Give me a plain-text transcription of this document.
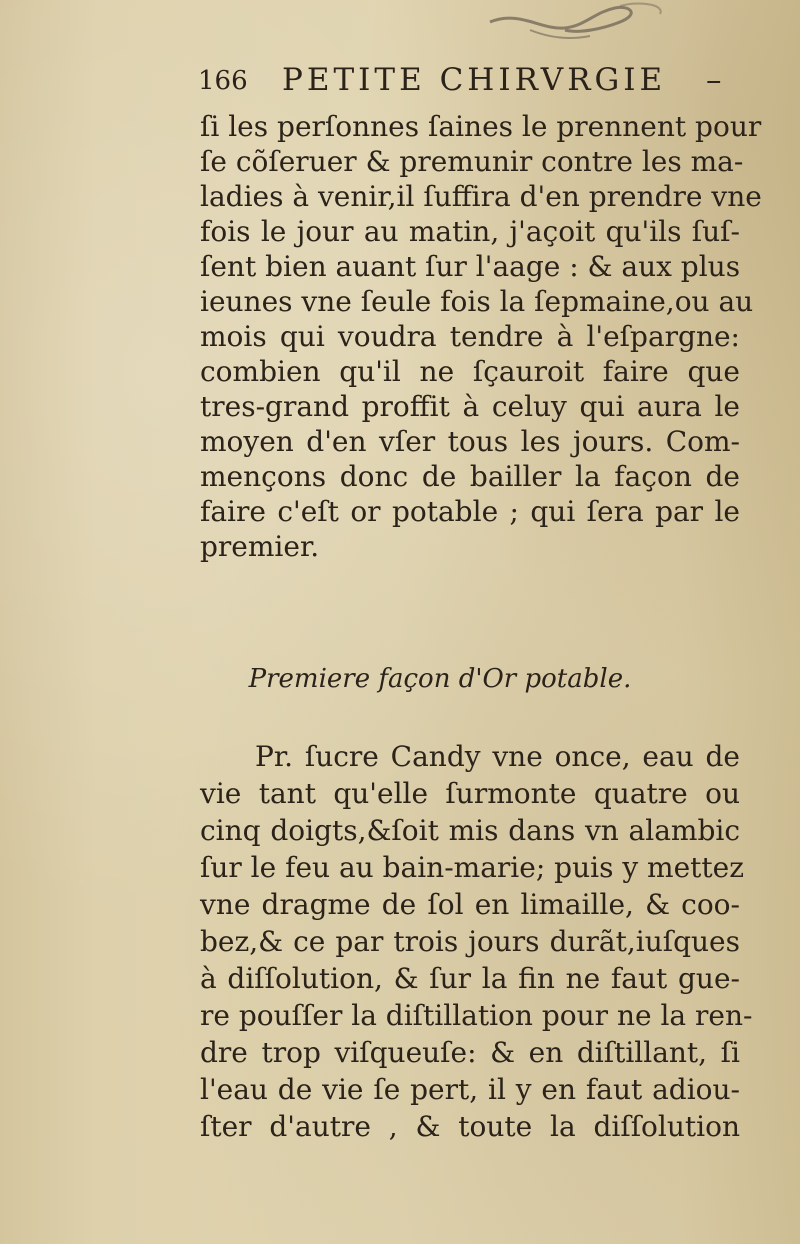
166 PETITE CHIRVRGIE –
ſi les perſonnes ſaines le prennent pour
ſe cõſeruer & premunir contre les ma-
ladies à venir,il ſuffira d'en prendre vne
fois le jour au matin, j'açoit qu'ils ſuſ-
ſent bien auant ſur l'aage : & aux plus
ieunes vne ſeule fois la ſepmaine,ou au
mois qui voudra tendre à l'eſpargne:
combien qu'il ne ſçauroit faire que
tres-grand proffit à celuy qui aura le
moyen d'en vſer tous les jours. Com-
mençons donc de bailler la façon de
faire c'eſt or potable ; qui ſera par le
premier.
Premiere façon d'Or potable.
Pr. ſucre Candy vne once, eau de
vie tant qu'elle ſurmonte quatre ou
cinq doigts,&ſoit mis dans vn alambic
ſur le feu au bain-marie; puis y mettez
vne dragme de ſol en limaille, & coo-
bez,& ce par trois jours durãt,iuſques
à diſſolution, & ſur la fin ne faut gue-
re pouſſer la diſtillation pour ne la ren-
dre trop viſqueuſe: & en diſtillant, ſi
l'eau de vie ſe pert, il y en faut adiou-
ſter d'autre , & toute la diſſolution
